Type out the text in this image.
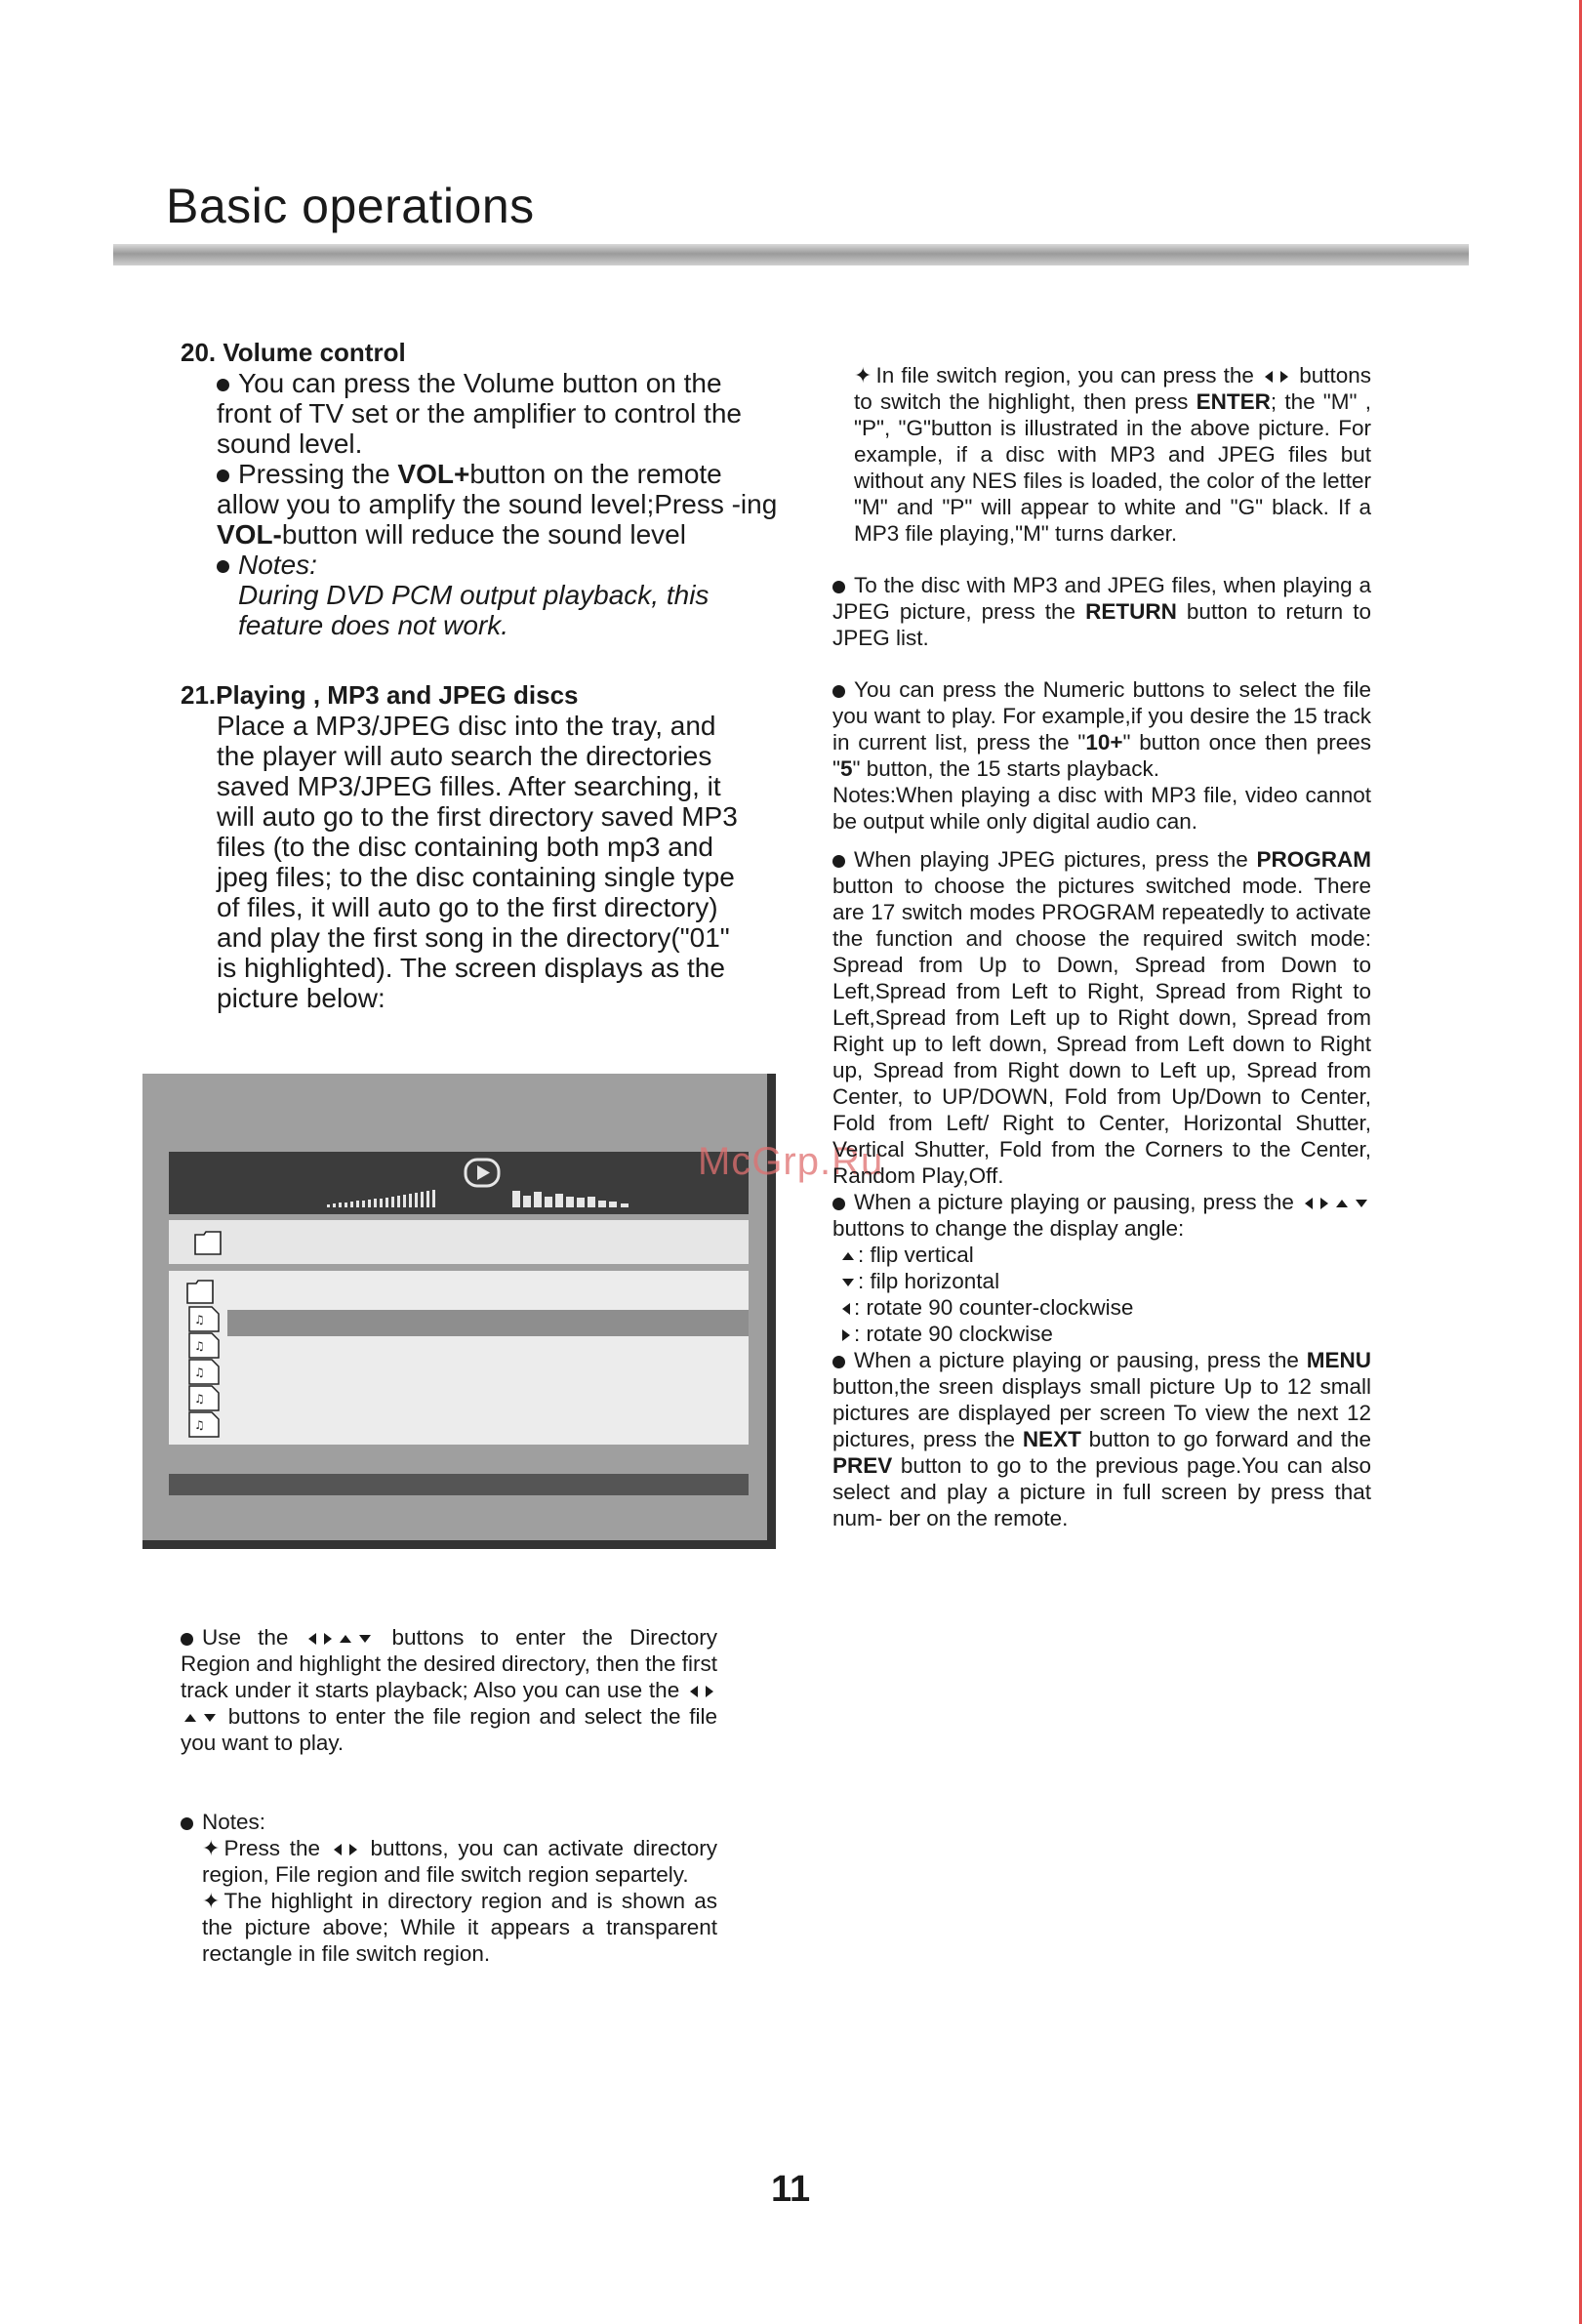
Basic operations
20. Volume control
You can press the Volume button on the front of TV set or the amplifier to control the sound level.
Pressing the VOL+button on the remote allow you to amplify the sound level;Press -ing VOL-button will reduce the sound level
Notes:
During DVD PCM output playback, this feature does not work.
21.Playing , MP3 and JPEG discs
Place a MP3/JPEG disc into the tray, and the player will auto search the directories saved MP3/JPEG filles. After searching, it will auto go to the first directory saved MP3 files (to the disc containing both mp3 and jpeg files; to the disc containing single type of files, it will auto go to the first directory) and play the first song in the directory("01" is highlighted). The screen displays as the picture below:
♫
♫
♫
♫
♫
McGrp.Ru
Use the	buttons to enter the Directory Region and highlight the desired directory, then the first track under it starts playback; Also you can use the  buttons to enter the file region and select the file you want to play.
Notes:
✦ Press the buttons, you can activate directory region, File region and file switch region separtely.
✦ The highlight in directory region and is shown as the picture above; While it appears a transparent rectangle in file switch region.
✦ In file switch region, you can press the buttons to switch the highlight, then press ENTER; the "M" , "P", "G"button is illustrated in the above picture. For example, if a disc with MP3 and JPEG files but without any NES files is loaded, the color of the letter "M" and "P" will appear to white and "G" black. If a MP3 file playing,"M" turns darker.
To the disc with MP3 and JPEG files, when playing a JPEG picture, press the RETURN button to return to JPEG list.
You can press the Numeric buttons to select the file you want to play. For example,if you desire the 15 track in current list, press the "10+" button once then prees "5" button, the 15 starts playback.
Notes:When playing a disc with MP3 file, video cannot be output while only digital audio can.
When playing JPEG pictures, press the PROGRAM button to choose the pictures switched mode. There are 17 switch modes PROGRAM repeatedly to activate the function and choose the required switch mode: Spread from Up to Down, Spread from Down to Left,Spread from Left to Right, Spread from Right to Left,Spread from Left up to Right down, Spread from Right up to left down, Spread from Left down to Right up, Spread from Right down to Left up, Spread from Center, to UP/DOWN, Fold from Up/Down to Center, Fold from Left/ Right to Center, Horizontal Shutter, Vertical Shutter, Fold from the Corners to the Center, Random Play,Off.
When a picture playing or pausing, press the  buttons to change the display angle:
: flip vertical
: filp horizontal
: rotate 90 counter-clockwise
: rotate 90 clockwise
When a picture playing or pausing, press the MENU button,the sreen displays small picture Up to 12 small pictures are displayed per screen To view the next 12 pictures, press the NEXT button to go forward and the PREV button to go to the previous page.You can also select and play a picture in full screen by press that num- ber on the remote.
11
